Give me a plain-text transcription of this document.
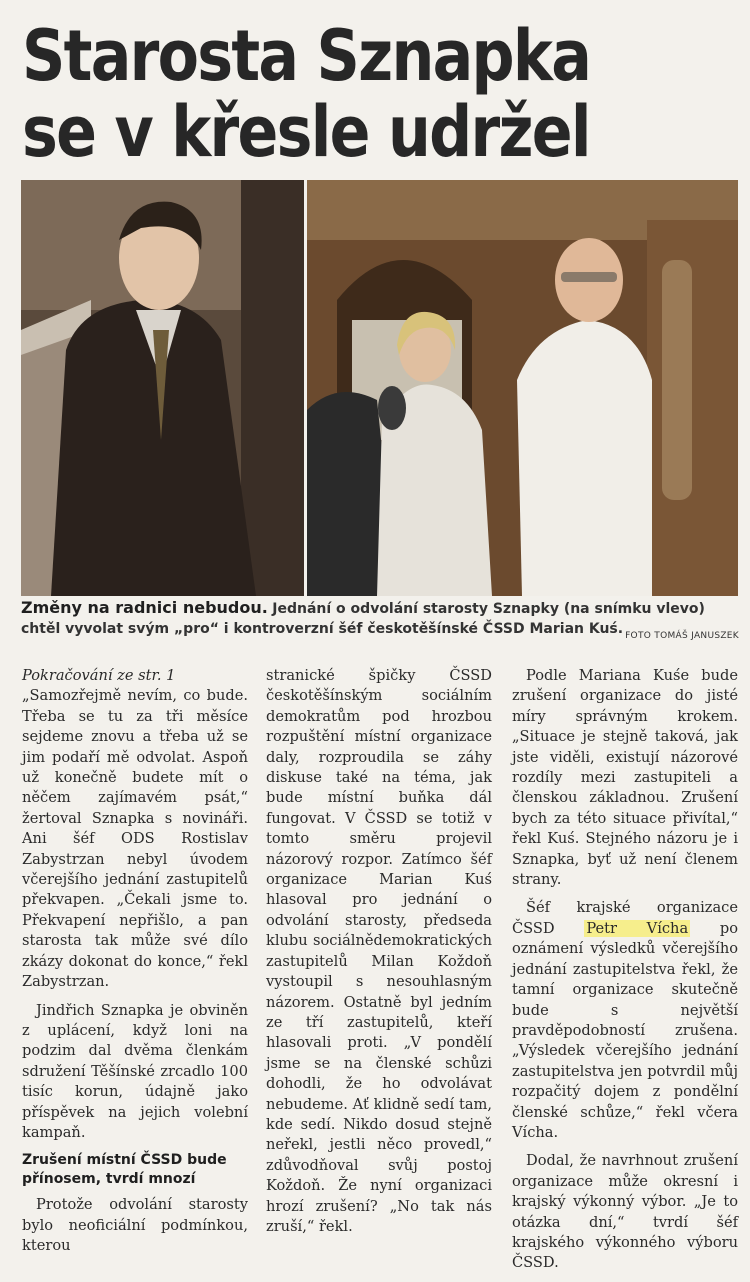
Starosta Sznapka
se v křesle udržel
Změny na radnici nebudou. Jednání o odvolání starosty Sznapky (na snímku vlevo) chtěl vyvolat svým „pro“ i kontroverzní šéf českotěšínské ČSSD Marian Kuś. FOTO TOMÁŠ JANUSZEK

Pokračování ze str. 1

„Samozřejmě nevím, co bude. Třeba se tu za tři měsíce sejdeme znovu a třeba už se jim podaří mě odvolat. Aspoň už konečně budete mít o něčem zajímavém psát,“ žertoval Sznapka s novináři. Ani šéf ODS Rostislav Zabystrzan nebyl úvodem včerejšího jednání zastupitelů překvapen. „Čekali jsme to. Překvapení nepřišlo, a pan starosta tak může své dílo zkázy dokonat do konce,“ řekl Zabystrzan.

Jindřich Sznapka je obviněn z uplácení, když loni na podzim dal dvěma členkám sdružení Těšínské zrcadlo 100 tisíc korun, údajně jako příspěvek na jejich volební kampaň.

Zrušení místní ČSSD bude přínosem, tvrdí mnozí

Protože odvolání starosty bylo neoficiální podmínkou, kterou

stranické špičky ČSSD českotěšínským sociálním demokratům pod hrozbou rozpuštění místní organizace daly, rozproudila se záhy diskuse také na téma, jak bude místní buňka dál fungovat. V ČSSD se totiž v tomto směru projevil názorový rozpor. Zatímco šéf organizace Marian Kuś hlasoval pro jednání o odvolání starosty, předseda klubu sociálnědemokratických zastupitelů Milan Koždoň vystoupil s nesouhlasným názorem. Ostatně byl jedním ze tří zastupitelů, kteří hlasovali proti. „V pondělí jsme se na členské schůzi dohodli, že ho odvolávat nebudeme. Ať klidně sedí tam, kde sedí. Nikdo dosud stejně neřekl, jestli něco provedl,“ zdůvodňoval svůj postoj Koždoň. Že nyní organizaci hrozí zrušení? „No tak nás zruší,“ řekl.

Podle Mariana Kuśe bude zrušení organizace do jisté míry správným krokem. „Situace je stejně taková, jak jste viděli, existují názorové rozdíly mezi zastupiteli a členskou základnou. Zrušení bych za této situace přivítal,“ řekl Kuś. Stejného názoru je i Sznapka, byť už není členem strany.

Šéf krajské organizace ČSSD Petr Vícha po oznámení výsledků včerejšího jednání zastupitelstva řekl, že tamní organizace skutečně bude s největší pravděpodobností zrušena. „Výsledek včerejšího jednání zastupitelstva jen potvrdil můj rozpačitý dojem z pondělní členské schůze,“ řekl včera Vícha.

Dodal, že navrhnout zrušení organizace může okresní i krajský výkonný výbor. „Je to otázka dní,“ tvrdí šéf krajského výkonného výboru ČSSD.
